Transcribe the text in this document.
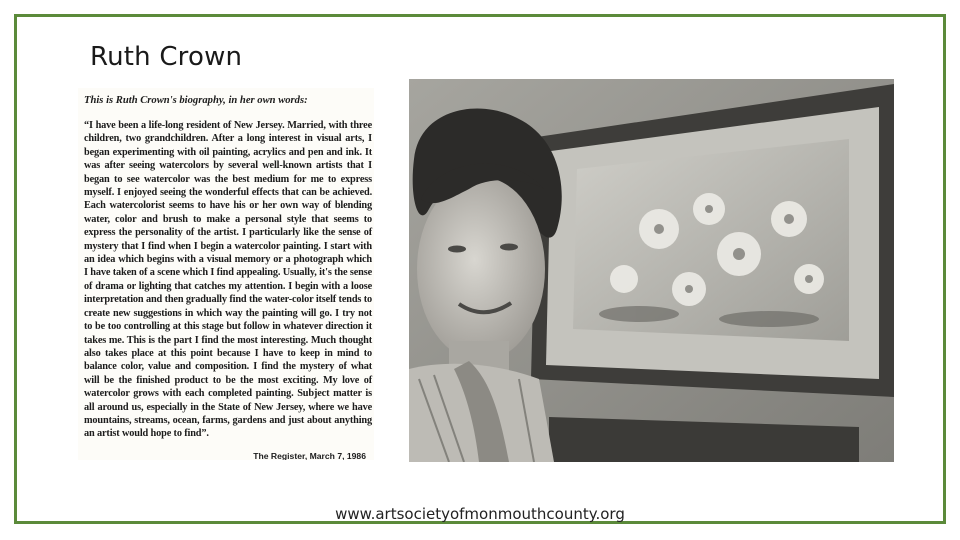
Ruth Crown
This is Ruth Crown's biography, in her own words:
“I have been a life-long resident of New Jersey. Married, with three children, two grandchildren. After a long interest in visual arts, I began experimenting with oil painting, acrylics and pen and ink. It was after seeing watercolors by several well-known artists that I began to see watercolor was the best medium for me to express myself. I enjoyed seeing the wonderful effects that can be achieved. Each watercolorist seems to have his or her own way of blending water, color and brush to make a personal style that seems to express the personality of the artist. I particularly like the sense of mystery that I find when I begin a watercolor painting. I start with an idea which begins with a visual memory or a photograph which I have taken of a scene which I find appealing. Usually, it's the sense of drama or lighting that catches my attention. I begin with a loose interpretation and then gradually find the water-color itself tends to create new suggestions in which way the painting will go. I try not to be too controlling at this stage but follow in whatever direction it takes me. This is the part I find the most interesting. Much thought also takes place at this point because I have to keep in mind to balance color, value and composition. I find the mystery of what will be the finished product to be the most exciting. My love of watercolor grows with each completed painting. Subject matter is all around us, especially in the State of New Jersey, where we have mountains, streams, ocean, farms, gardens and just about anything an artist would hope to find”.
The Register, March 7, 1986
www.artsocietyofmonmouthcounty.org
